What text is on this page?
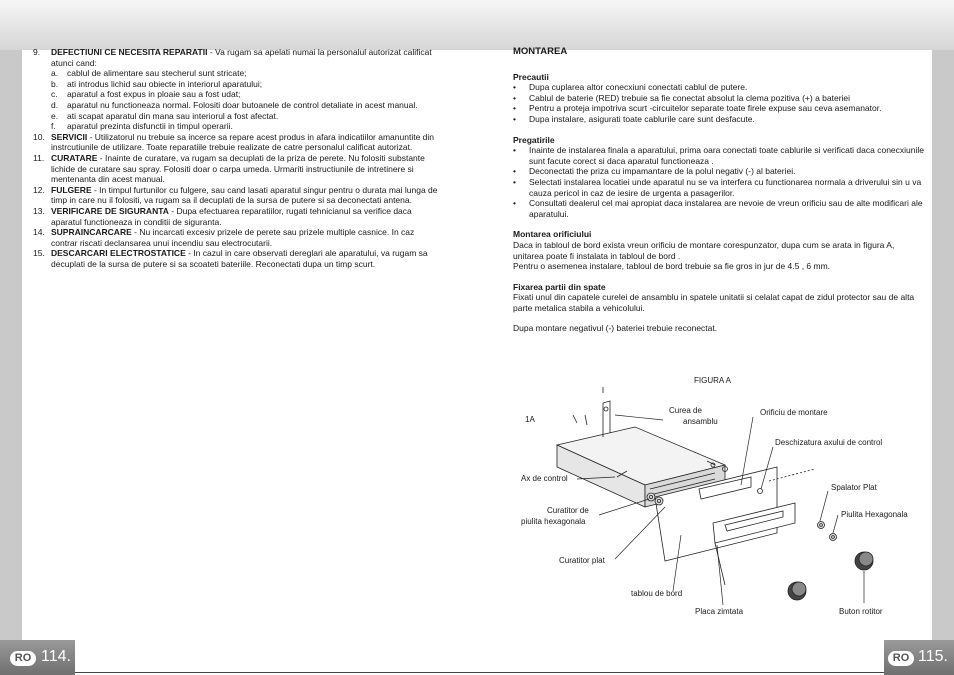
RO 114.	RO 115.
9. DEFECTIUNI CE NECESITA REPARATII - Va rugam sa apelati numai la personalul autorizat calificat atunci cand:
a. cablul de alimentare sau stecherul sunt stricate;
b. ati introdus lichid sau obiecte in interiorul aparatului;
c. aparatul a fost expus in ploaie sau a fost udat;
d. aparatul nu functioneaza normal. Folositi doar butoanele de control detaliate in acest manual.
e. ati scapat aparatul din mana sau interiorul a fost afectat.
f. aparatul prezinta disfunctii in timpul operarii.
10. SERVICII - Utilizatorul nu trebuie sa incerce sa repare acest produs in afara indicatiilor amanuntite din instrcutiunile de utilizare. Toate reparatiile trebuie realizate de catre personalul calificat autorizat.
11. CURATARE - Inainte de curatare, va rugam sa decuplati de la priza de perete. Nu folositi substante lichide de curatare sau spray. Folositi doar o carpa umeda. Urmariti instructiunile de intretinere si mentenanta din acest manual.
12. FULGERE - In timpul furtunilor cu fulgere, sau cand lasati aparatul singur pentru o durata mai lunga de timp in care nu il folositi, va rugam sa il decuplati de la sursa de putere si sa deconectati antena.
13. VERIFICARE DE SIGURANTA - Dupa efectuarea reparatiilor, rugati tehnicianul sa verifice daca aparatul functioneaza in conditii de siguranta.
14. SUPRAINCARCARE - Nu incarcati excesiv prizele de perete sau prizele multiple casnice. In caz contrar riscati declansarea unui incendiu sau electrocutarii.
15. DESCARCARI ELECTROSTATICE - In cazul in care observati dereglari ale aparatului, va rugam sa decuplati de la sursa de putere si sa scoateti bateriile. Reconectati dupa un timp scurt.
MONTAREA
Precautii
• Dupa cuplarea altor conecxiuni conectati cablul de putere.
• Cablul de baterie (RED) trebuie sa fie conectat absolut la clema pozitiva (+) a bateriei
• Pentru a proteja impotriva scurt -circuitelor separate toate firele expuse sau ceva asemanator.
• Dupa instalare, asigurati toate cablurile care sunt desfacute.
Pregatirile
• Inainte de instalarea finala a aparatului, prima oara conectati toate cablurile si verificati daca conecxiunile sunt facute corect si daca aparatul functioneaza .
• Deconectati the priza cu impamantare de la polul negativ (-) al bateriei.
• Selectati instalarea locatiei unde aparatul nu se va interfera cu functionarea normala a driverului sin u va cauza pericol in caz de iesire de urgenta a pasagerilor.
• Consultati dealerul cel mai apropiat daca instalarea are nevoie de vreun orificiu sau de alte modificari ale aparatului.
Montarea orificiului

Daca in tabloul de bord exista vreun orificiu de montare corespunzator, dupa cum se arata in figura A, unitarea poate fi instalata in tabloul de bord .

Pentru o asemenea instalare, tabloul de bord trebuie sa fie gros in jur de 4.5 , 6 mm.

Fixarea partii din spate

Fixati unul din capatele curelei de ansamblu in spatele unitatii si celalat capat de zidul protector sau de alta parte metalica stabila a vehicolului.

Dupa montare negativul (-) bateriei trebuie reconectat.

FIGURA A
1A
Curea de
ansamblu
Orificiu de montare
Deschizatura axului de control
Ax de control
Spalator Plat
Piulita Hexagonala
Curatitor de
piulita hexagonala
Curatitor plat
tablou de bord
Placa zimtata	Buton rotitor
